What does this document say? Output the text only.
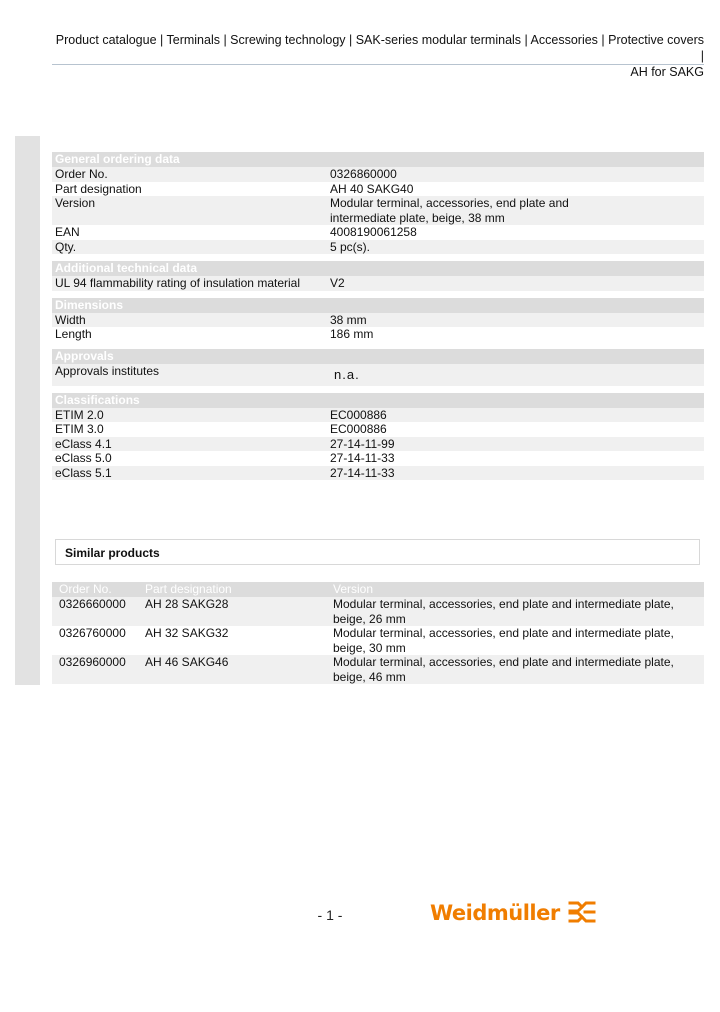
Product catalogue | Terminals | Screwing technology | SAK-series modular terminals | Accessories | Protective covers |
AH for SAKG
General ordering data
Order No.	0326860000
Part designation	AH 40 SAKG40
Version	Modular terminal, accessories, end plate and
intermediate plate, beige, 38 mm
EAN	4008190061258
Qty.	5 pc(s).
Additional technical data
UL 94 flammability rating of insulation material	V2
Dimensions
Width	38 mm
Length	186 mm
Approvals
Approvals institutes	n.a.
Classifications
ETIM 2.0	EC000886
ETIM 3.0	EC000886
eClass 4.1	27-14-11-99
eClass 5.0	27-14-11-33
eClass 5.1	27-14-11-33
Similar products
Order No.	Part designation	Version
0326660000	AH 28 SAKG28	Modular terminal, accessories, end plate and intermediate plate, beige, 26 mm
0326760000	AH 32 SAKG32	Modular terminal, accessories, end plate and intermediate plate, beige, 30 mm
0326960000	AH 46 SAKG46	Modular terminal, accessories, end plate and intermediate plate, beige, 46 mm
- 1 -	Weidmüller
